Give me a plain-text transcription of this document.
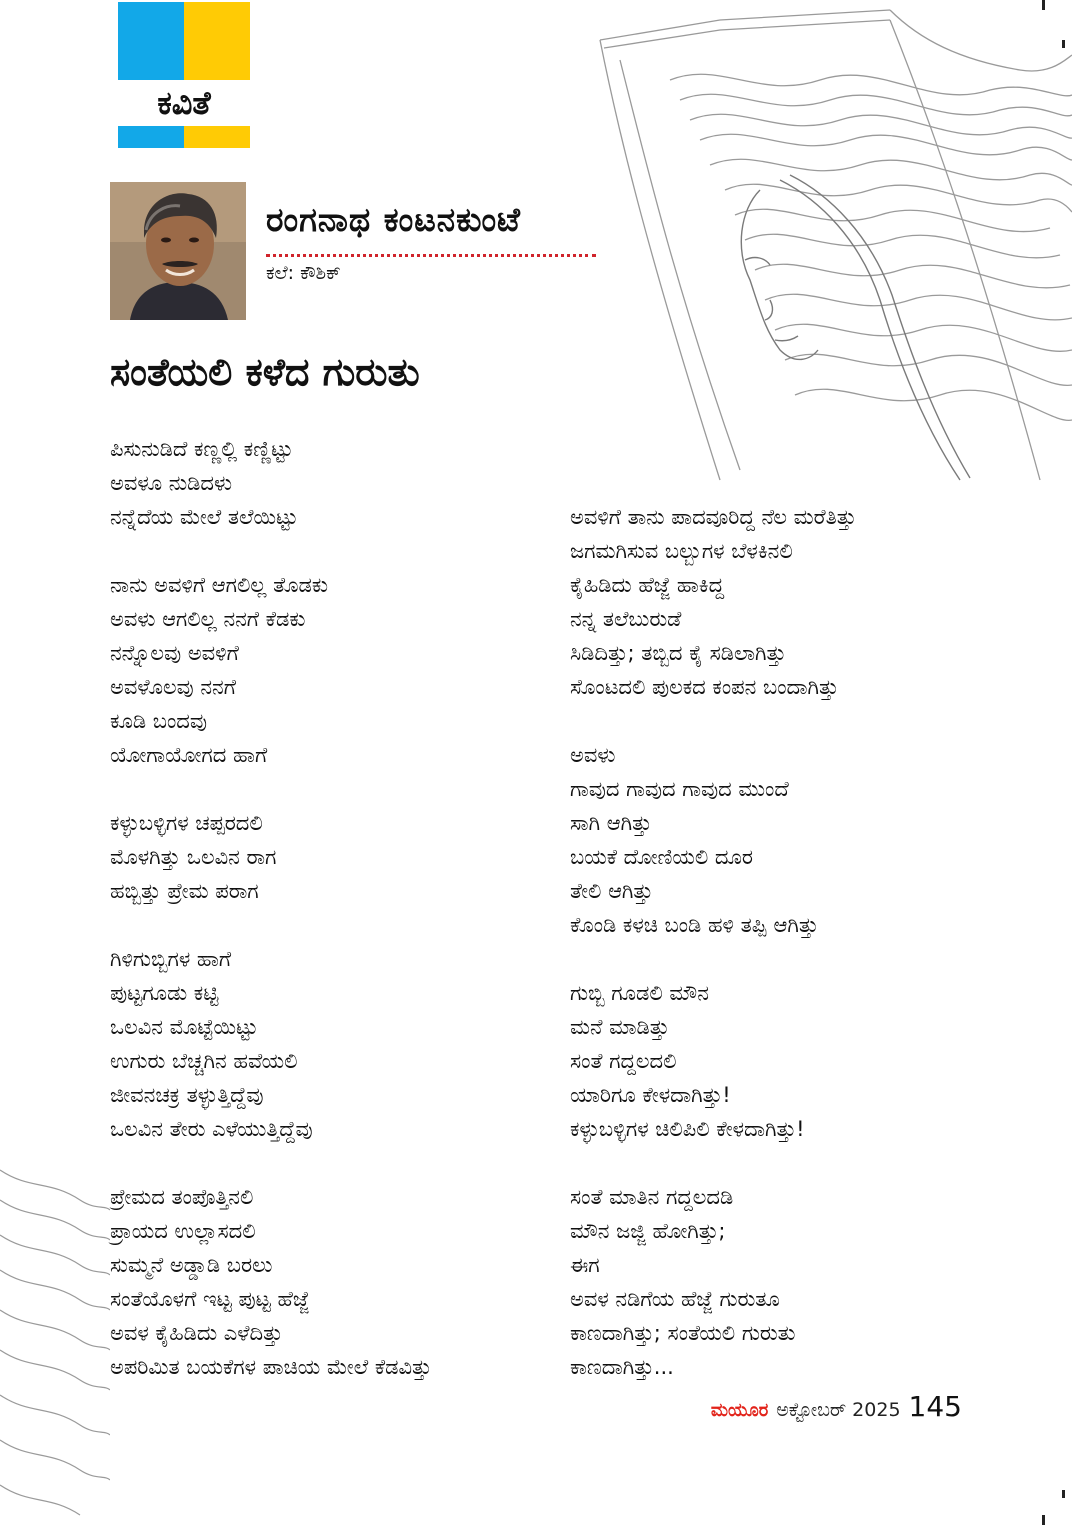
ಕವಿತೆ
ರಂಗನಾಥ ಕಂಟನಕುಂಟೆ
ಕಲೆ: ಕೌಶಿಕ್
ಸಂತೆಯಲಿ ಕಳೆದ ಗುರುತು
ಪಿಸುನುಡಿದೆ ಕಣ್ಣಲ್ಲಿ ಕಣ್ಣಿಟ್ಟು
ಅವಳೂ ನುಡಿದಳು
ನನ್ನೆದೆಯ ಮೇಲೆ ತಲೆಯಿಟ್ಟು
ನಾನು ಅವಳಿಗೆ ಆಗಲಿಲ್ಲ ತೊಡಕು
ಅವಳು ಆಗಲಿಲ್ಲ ನನಗೆ ಕೆಡಕು
ನನ್ನೊಲವು ಅವಳಿಗೆ
ಅವಳೊಲವು ನನಗೆ
ಕೂಡಿ ಬಂದವು
ಯೋಗಾಯೋಗದ ಹಾಗೆ
ಕಳ್ಳುಬಳ್ಳಿಗಳ ಚಪ್ಪರದಲಿ
ಮೊಳಗಿತ್ತು ಒಲವಿನ ರಾಗ
ಹಬ್ಬಿತ್ತು ಪ್ರೇಮ ಪರಾಗ
ಗಿಳಿಗುಬ್ಬಿಗಳ ಹಾಗೆ
ಪುಟ್ಟಗೂಡು ಕಟ್ಟಿ
ಒಲವಿನ ಮೊಟ್ಟೆಯಿಟ್ಟು
ಉಗುರು ಬೆಚ್ಚಗಿನ ಹವೆಯಲಿ
ಜೀವನಚಕ್ರ ತಳ್ಳುತ್ತಿದ್ದೆವು
ಒಲವಿನ ತೇರು ಎಳೆಯುತ್ತಿದ್ದೆವು
ಪ್ರೇಮದ ತಂಪೊತ್ತಿನಲಿ
ಪ್ರಾಯದ ಉಲ್ಲಾಸದಲಿ
ಸುಮ್ಮನೆ ಅಡ್ಡಾಡಿ ಬರಲು
ಸಂತೆಯೊಳಗೆ ಇಟ್ಟ ಪುಟ್ಟ ಹೆಜ್ಜೆ
ಅವಳ ಕೈಹಿಡಿದು ಎಳೆದಿತ್ತು
ಅಪರಿಮಿತ ಬಯಕೆಗಳ ಪಾಚಿಯ ಮೇಲೆ ಕೆಡವಿತ್ತು
ಅವಳಿಗೆ ತಾನು ಪಾದವೂರಿದ್ದ ನೆಲ ಮರೆತಿತ್ತು
ಜಗಮಗಿಸುವ ಬಲ್ಬುಗಳ ಬೆಳಕಿನಲಿ
ಕೈಹಿಡಿದು ಹೆಜ್ಜೆ ಹಾಕಿದ್ದ
ನನ್ನ ತಲೆಬುರುಡೆ
ಸಿಡಿದಿತ್ತು; ತಬ್ಬಿದ ಕೈ ಸಡಿಲಾಗಿತ್ತು
ಸೊಂಟದಲಿ ಪುಲಕದ ಕಂಪನ ಬಂದಾಗಿತ್ತು
ಅವಳು
ಗಾವುದ ಗಾವುದ ಗಾವುದ ಮುಂದೆ
ಸಾಗಿ ಆಗಿತ್ತು
ಬಯಕೆ ದೋಣಿಯಲಿ ದೂರ
ತೇಲಿ ಆಗಿತ್ತು
ಕೊಂಡಿ ಕಳಚಿ ಬಂಡಿ ಹಳಿ ತಪ್ಪಿ ಆಗಿತ್ತು
ಗುಬ್ಬಿ ಗೂಡಲಿ ಮೌನ
ಮನೆ ಮಾಡಿತ್ತು
ಸಂತೆ ಗದ್ದಲದಲಿ
ಯಾರಿಗೂ ಕೇಳದಾಗಿತ್ತು!
ಕಳ್ಳುಬಳ್ಳಿಗಳ ಚಿಲಿಪಿಲಿ ಕೇಳದಾಗಿತ್ತು!
ಸಂತೆ ಮಾತಿನ ಗದ್ದಲದಡಿ
ಮೌನ ಜಜ್ಜಿ ಹೋಗಿತ್ತು;
ಈಗ
ಅವಳ ನಡಿಗೆಯ ಹೆಜ್ಜೆ ಗುರುತೂ
ಕಾಣದಾಗಿತ್ತು; ಸಂತೆಯಲಿ ಗುರುತು
ಕಾಣದಾಗಿತ್ತು...
ಮಯೂರ ಅಕ್ಟೋಬರ್ 2025 145
